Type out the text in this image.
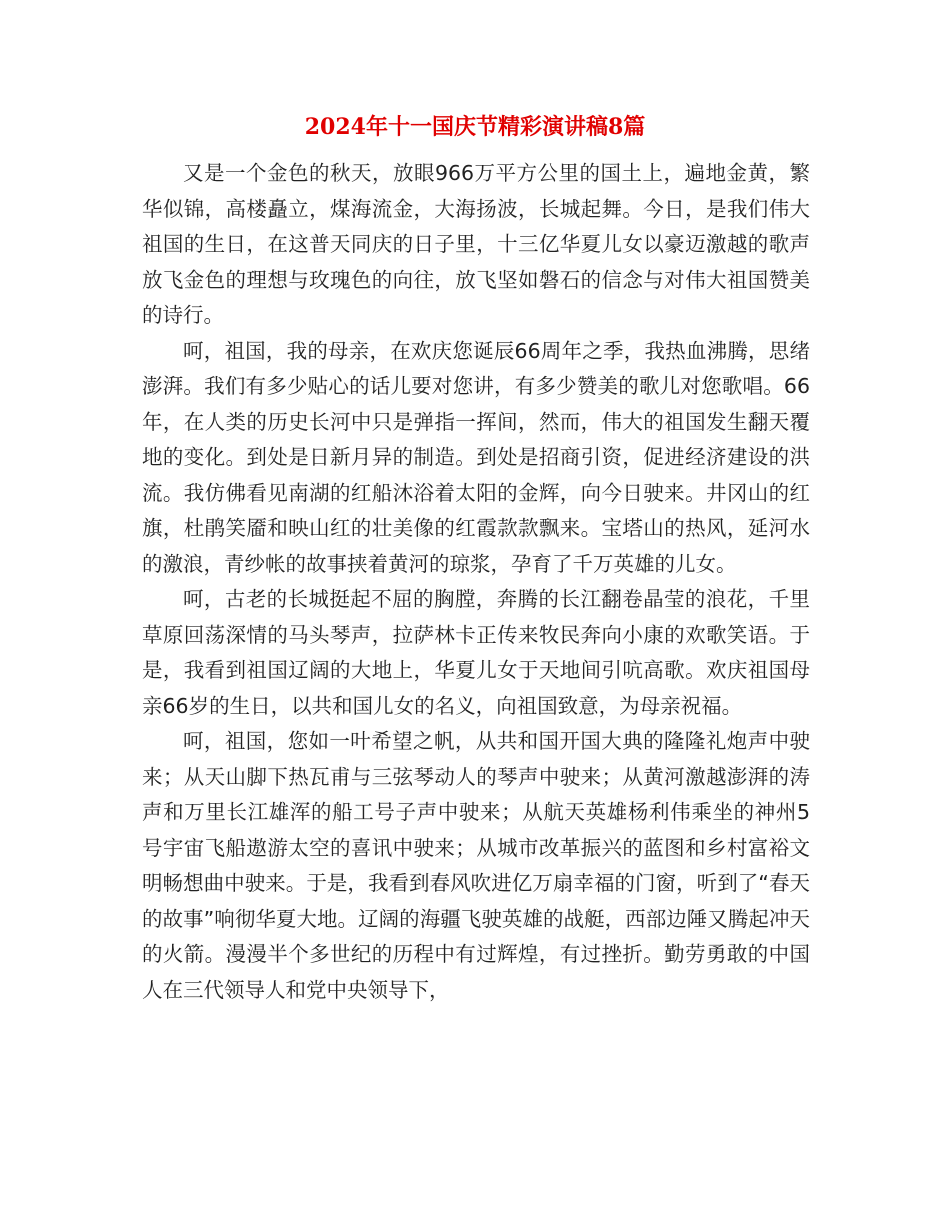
2024年十一国庆节精彩演讲稿8篇

又是一个金色的秋天，放眼966万平方公里的国土上，遍地金黄，繁华似锦，高楼矗立，煤海流金，大海扬波，长城起舞。今日，是我们伟大祖国的生日，在这普天同庆的日子里，十三亿华夏儿女以豪迈激越的歌声放飞金色的理想与玫瑰色的向往，放飞坚如磐石的信念与对伟大祖国赞美的诗行。

呵，祖国，我的母亲，在欢庆您诞辰66周年之季，我热血沸腾，思绪澎湃。我们有多少贴心的话儿要对您讲，有多少赞美的歌儿对您歌唱。66年，在人类的历史长河中只是弹指一挥间，然而，伟大的祖国发生翻天覆地的变化。到处是日新月异的制造。到处是招商引资，促进经济建设的洪流。我仿佛看见南湖的红船沐浴着太阳的金辉，向今日驶来。井冈山的红旗，杜鹃笑靥和映山红的壮美像的红霞款款飘来。宝塔山的热风，延河水的激浪，青纱帐的故事挟着黄河的琼浆，孕育了千万英雄的儿女。

呵，古老的长城挺起不屈的胸膛，奔腾的长江翻卷晶莹的浪花，千里草原回荡深情的马头琴声，拉萨林卡正传来牧民奔向小康的欢歌笑语。于是，我看到祖国辽阔的大地上，华夏儿女于天地间引吭高歌。欢庆祖国母亲66岁的生日，以共和国儿女的名义，向祖国致意，为母亲祝福。

呵，祖国，您如一叶希望之帆，从共和国开国大典的隆隆礼炮声中驶来；从天山脚下热瓦甫与三弦琴动人的琴声中驶来；从黄河激越澎湃的涛声和万里长江雄浑的船工号子声中驶来；从航天英雄杨利伟乘坐的神州5号宇宙飞船遨游太空的喜讯中驶来；从城市改革振兴的蓝图和乡村富裕文明畅想曲中驶来。于是，我看到春风吹进亿万扇幸福的门窗，听到了“春天的故事”响彻华夏大地。辽阔的海疆飞驶英雄的战艇，西部边陲又腾起冲天的火箭。漫漫半个多世纪的历程中有过辉煌，有过挫折。勤劳勇敢的中国人在三代领导人和党中央领导下，
